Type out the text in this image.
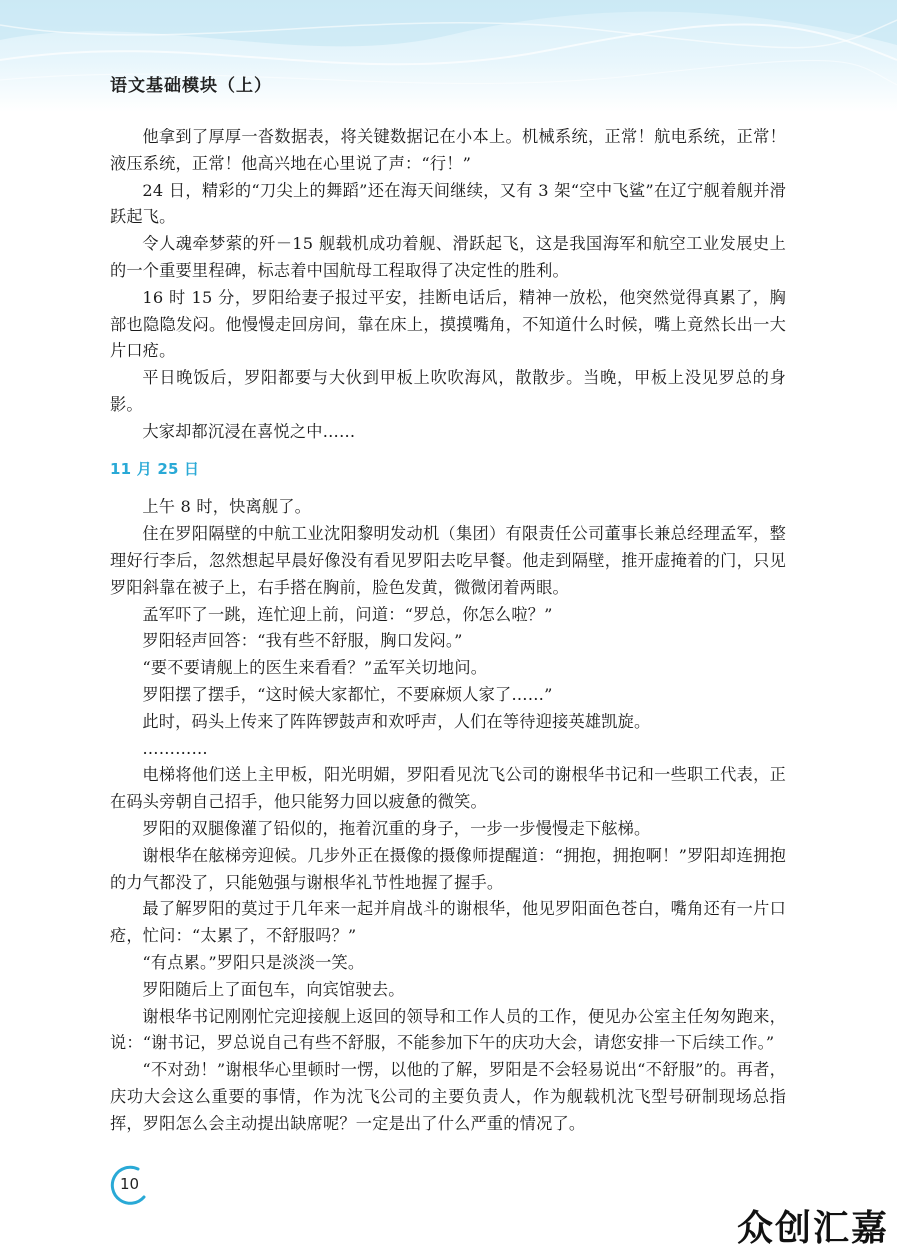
语文基础模块（上）

他拿到了厚厚一沓数据表，将关键数据记在小本上。机械系统，正常！航电系统，正常！液压系统，正常！他高兴地在心里说了声：“行！”

24 日，精彩的“刀尖上的舞蹈”还在海天间继续，又有 3 架“空中飞鲨”在辽宁舰着舰并滑跃起飞。

令人魂牵梦萦的歼－15 舰载机成功着舰、滑跃起飞，这是我国海军和航空工业发展史上的一个重要里程碑，标志着中国航母工程取得了决定性的胜利。

16 时 15 分，罗阳给妻子报过平安，挂断电话后，精神一放松，他突然觉得真累了，胸部也隐隐发闷。他慢慢走回房间，靠在床上，摸摸嘴角，不知道什么时候，嘴上竟然长出一大片口疮。

平日晚饭后，罗阳都要与大伙到甲板上吹吹海风，散散步。当晚，甲板上没见罗总的身影。

大家却都沉浸在喜悦之中……

11 月 25 日

上午 8 时，快离舰了。

住在罗阳隔壁的中航工业沈阳黎明发动机（集团）有限责任公司董事长兼总经理孟军，整理好行李后，忽然想起早晨好像没有看见罗阳去吃早餐。他走到隔壁，推开虚掩着的门，只见罗阳斜靠在被子上，右手搭在胸前，脸色发黄，微微闭着两眼。

孟军吓了一跳，连忙迎上前，问道：“罗总，你怎么啦？”

罗阳轻声回答：“我有些不舒服，胸口发闷。”

“要不要请舰上的医生来看看？”孟军关切地问。

罗阳摆了摆手，“这时候大家都忙，不要麻烦人家了……”

此时，码头上传来了阵阵锣鼓声和欢呼声，人们在等待迎接英雄凯旋。

…………

电梯将他们送上主甲板，阳光明媚，罗阳看见沈飞公司的谢根华书记和一些职工代表，正在码头旁朝自己招手，他只能努力回以疲惫的微笑。

罗阳的双腿像灌了铅似的，拖着沉重的身子，一步一步慢慢走下舷梯。

谢根华在舷梯旁迎候。几步外正在摄像的摄像师提醒道：“拥抱，拥抱啊！”罗阳却连拥抱的力气都没了，只能勉强与谢根华礼节性地握了握手。

最了解罗阳的莫过于几年来一起并肩战斗的谢根华，他见罗阳面色苍白，嘴角还有一片口疮，忙问：“太累了，不舒服吗？”

“有点累。”罗阳只是淡淡一笑。

罗阳随后上了面包车，向宾馆驶去。

谢根华书记刚刚忙完迎接舰上返回的领导和工作人员的工作，便见办公室主任匆匆跑来，说：“谢书记，罗总说自己有些不舒服，不能参加下午的庆功大会，请您安排一下后续工作。”

“不对劲！”谢根华心里顿时一愣，以他的了解，罗阳是不会轻易说出“不舒服”的。再者，庆功大会这么重要的事情，作为沈飞公司的主要负责人，作为舰载机沈飞型号研制现场总指挥，罗阳怎么会主动提出缺席呢？一定是出了什么严重的情况了。

10
众创汇嘉
